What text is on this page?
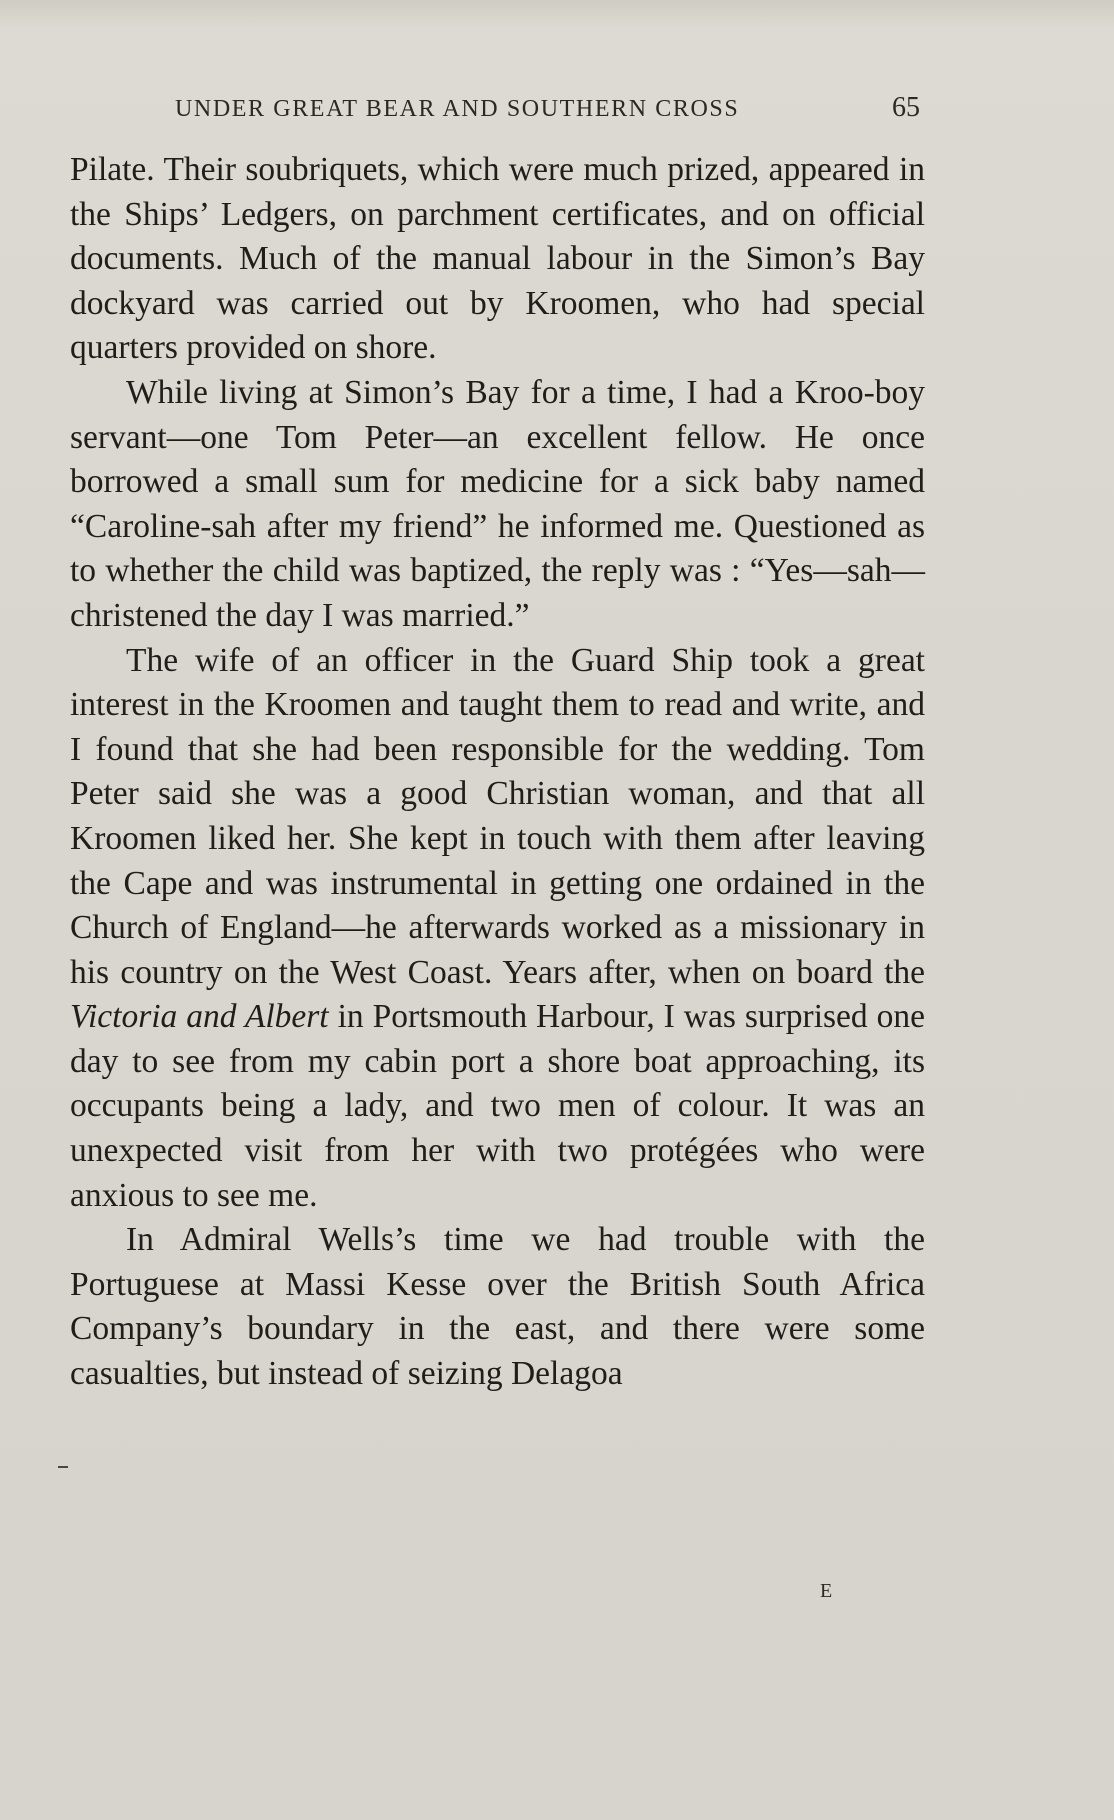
UNDER GREAT BEAR AND SOUTHERN CROSS	65

Pilate. Their soubriquets, which were much prized, appeared in the Ships’ Ledgers, on parchment certificates, and on official documents. Much of the manual labour in the Simon’s Bay dockyard was carried out by Kroomen, who had special quarters provided on shore.

While living at Simon’s Bay for a time, I had a Kroo-boy servant—one Tom Peter—an excellent fellow. He once borrowed a small sum for medicine for a sick baby named “Caroline-sah after my friend” he informed me. Questioned as to whether the child was baptized, the reply was : “Yes—sah—christened the day I was married.”

The wife of an officer in the Guard Ship took a great interest in the Kroomen and taught them to read and write, and I found that she had been responsible for the wedding. Tom Peter said she was a good Christian woman, and that all Kroomen liked her. She kept in touch with them after leaving the Cape and was instrumental in getting one ordained in the Church of England—he afterwards worked as a missionary in his country on the West Coast. Years after, when on board the Victoria and Albert in Portsmouth Harbour, I was surprised one day to see from my cabin port a shore boat approaching, its occupants being a lady, and two men of colour. It was an unexpected visit from her with two protégées who were anxious to see me.

In Admiral Wells’s time we had trouble with the Portuguese at Massi Kesse over the British South Africa Company’s boundary in the east, and there were some casualties, but instead of seizing Delagoa

E
